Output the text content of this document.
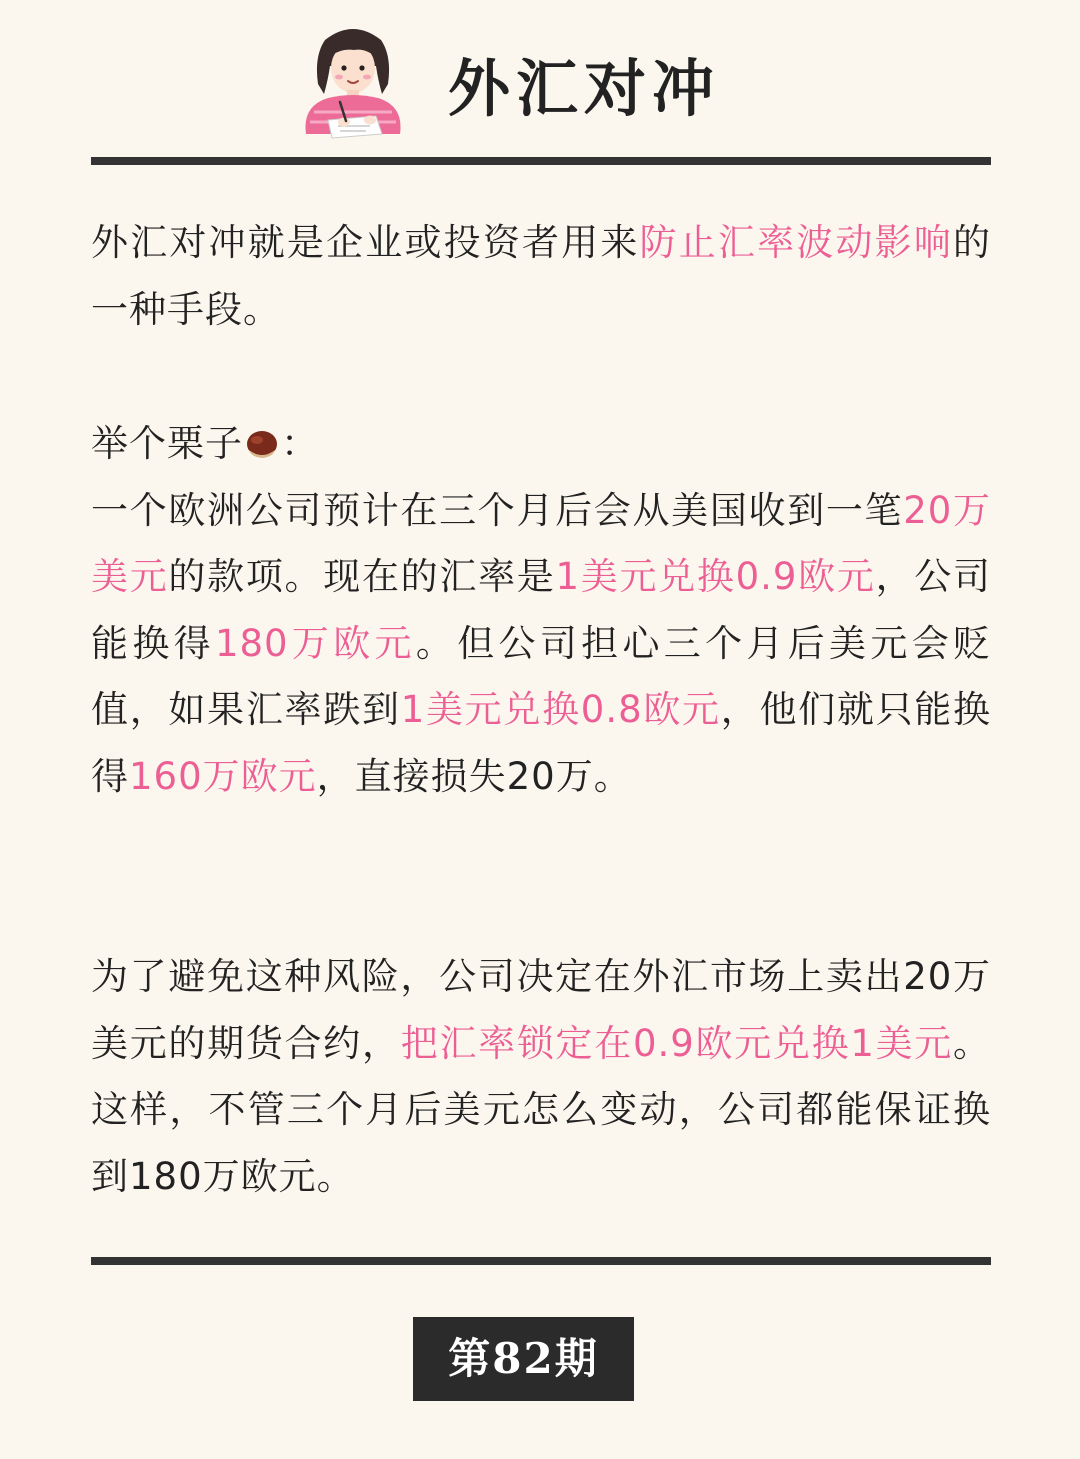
外汇对冲
外汇对冲就是企业或投资者用来防止汇率波动影响的一种手段。
举个栗子 ：
一个欧洲公司预计在三个月后会从美国收到一笔20万美元的款项。现在的汇率是1美元兑换0.9欧元，公司能换得180万欧元。但公司担心三个月后美元会贬值，如果汇率跌到1美元兑换0.8欧元，他们就只能换得160万欧元，直接损失20万。
为了避免这种风险，公司决定在外汇市场上卖出20万美元的期货合约，把汇率锁定在0.9欧元兑换1美元。这样，不管三个月后美元怎么变动，公司都能保证换到180万欧元。
第82期
